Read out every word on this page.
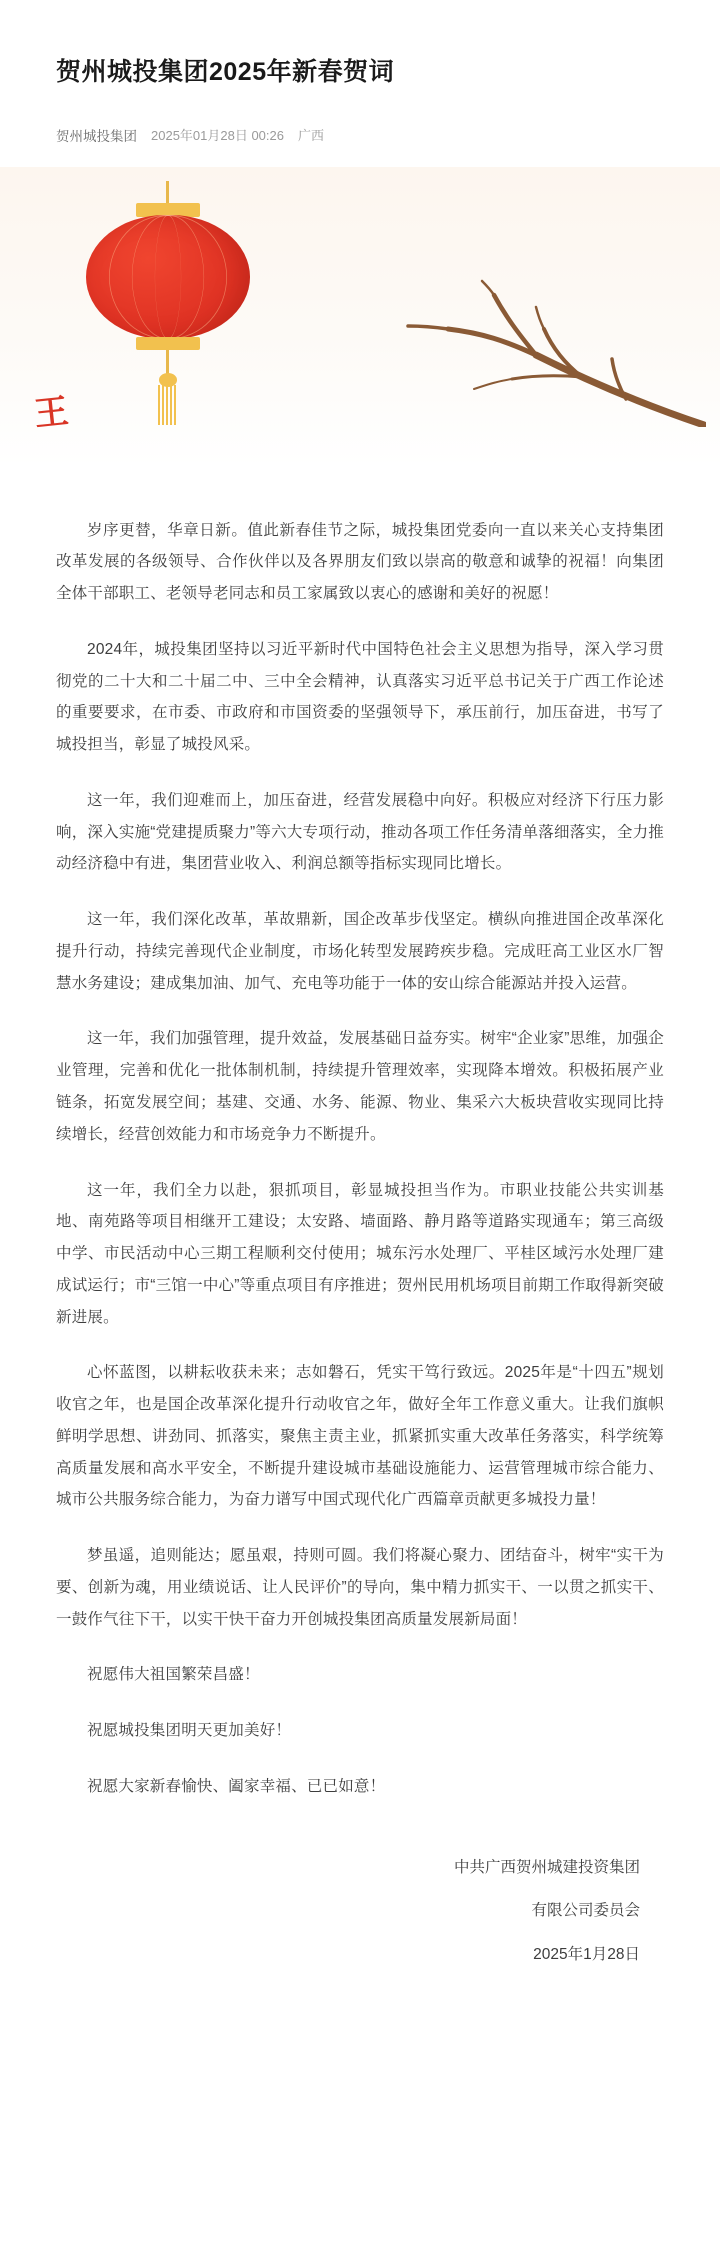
贺州城投集团2025年新春贺词
贺州城投集团 2025年01月28日 00:26 广西
王

岁序更替，华章日新。值此新春佳节之际，城投集团党委向一直以来关心支持集团改革发展的各级领导、合作伙伴以及各界朋友们致以崇高的敬意和诚挚的祝福！向集团全体干部职工、老领导老同志和员工家属致以衷心的感谢和美好的祝愿！

2024年，城投集团坚持以习近平新时代中国特色社会主义思想为指导，深入学习贯彻党的二十大和二十届二中、三中全会精神，认真落实习近平总书记关于广西工作论述的重要要求，在市委、市政府和市国资委的坚强领导下，承压前行，加压奋进，书写了城投担当，彰显了城投风采。

这一年，我们迎难而上，加压奋进，经营发展稳中向好。积极应对经济下行压力影响，深入实施“党建提质聚力”等六大专项行动，推动各项工作任务清单落细落实，全力推动经济稳中有进，集团营业收入、利润总额等指标实现同比增长。

这一年，我们深化改革，革故鼎新，国企改革步伐坚定。横纵向推进国企改革深化提升行动，持续完善现代企业制度，市场化转型发展跨疾步稳。完成旺高工业区水厂智慧水务建设；建成集加油、加气、充电等功能于一体的安山综合能源站并投入运营。

这一年，我们加强管理，提升效益，发展基础日益夯实。树牢“企业家”思维，加强企业管理，完善和优化一批体制机制，持续提升管理效率，实现降本增效。积极拓展产业链条，拓宽发展空间；基建、交通、水务、能源、物业、集采六大板块营收实现同比持续增长，经营创效能力和市场竞争力不断提升。

这一年，我们全力以赴，狠抓项目，彰显城投担当作为。市职业技能公共实训基地、南苑路等项目相继开工建设；太安路、墙面路、静月路等道路实现通车；第三高级中学、市民活动中心三期工程顺利交付使用；城东污水处理厂、平桂区域污水处理厂建成试运行；市“三馆一中心”等重点项目有序推进；贺州民用机场项目前期工作取得新突破新进展。

心怀蓝图，以耕耘收获未来；志如磐石，凭实干笃行致远。2025年是“十四五”规划收官之年，也是国企改革深化提升行动收官之年，做好全年工作意义重大。让我们旗帜鲜明学思想、讲劲同、抓落实，聚焦主责主业，抓紧抓实重大改革任务落实，科学统筹高质量发展和高水平安全，不断提升建设城市基础设施能力、运营管理城市综合能力、城市公共服务综合能力，为奋力谱写中国式现代化广西篇章贡献更多城投力量！

梦虽遥，追则能达；愿虽艰，持则可圆。我们将凝心聚力、团结奋斗，树牢“实干为要、创新为魂，用业绩说话、让人民评价”的导向，集中精力抓实干、一以贯之抓实干、一鼓作气往下干，以实干快干奋力开创城投集团高质量发展新局面！

祝愿伟大祖国繁荣昌盛！

祝愿城投集团明天更加美好！

祝愿大家新春愉快、阖家幸福、已已如意！

中共广西贺州城建投资集团

有限公司委员会

2025年1月28日
